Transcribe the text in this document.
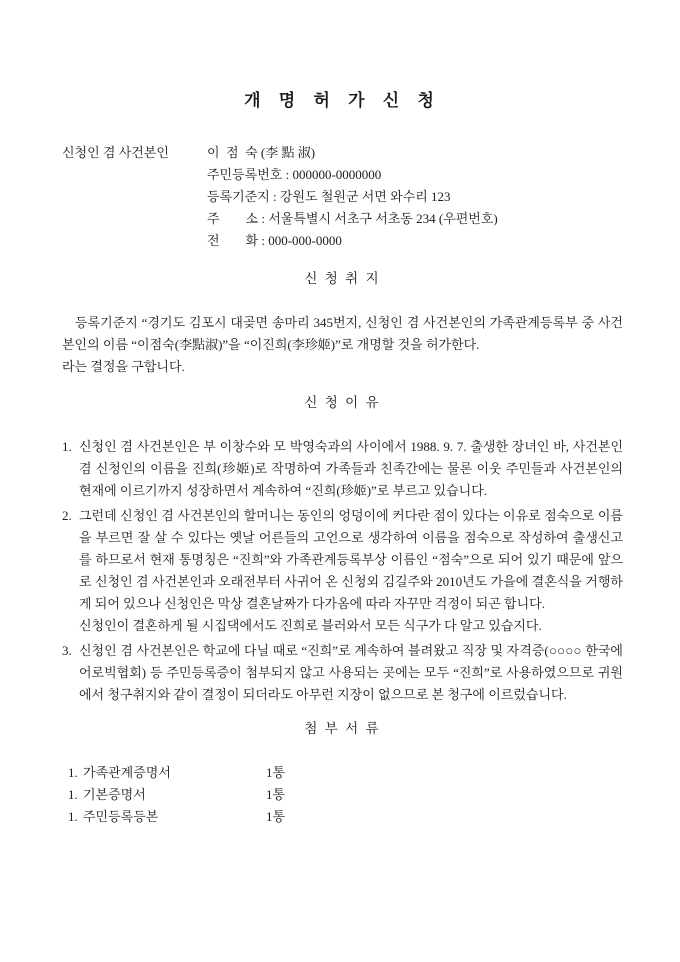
개 명 허 가 신 청
신청인 겸 사건본인	이  점  숙 (李 點 淑)
주민등록번호 : 000000-0000000
등록기준지 : 강원도 철원군 서면 와수리 123
주        소 : 서울특별시 서초구 서초동 234 (우편번호)
전        화 : 000-000-0000
신 청 취 지

등록기준지 “경기도 김포시 대곶면 송마리 345번지, 신청인 겸 사건본인의 가족관계등록부 중 사건본인의 이름 “이점숙(李點淑)”을 “이진희(李珍姬)”로 개명할 것을 허가한다.

라는 결정을 구합니다.

신 청 이 유
1. 신청인 겸 사건본인은 부 이창수와 모 박영숙과의 사이에서 1988. 9. 7. 출생한 장녀인 바, 사건본인겸 신청인의 이름을 진희(珍姬)로 작명하여 가족들과 친족간에는 물론 이웃 주민들과 사건본인의 현재에 이르기까지 성장하면서 계속하여 “진희(珍姬)”로 부르고 있습니다.
2. 그런데 신청인 겸 사건본인의 할머니는 동인의 엉덩이에 커다란 점이 있다는 이유로 점숙으로 이름을 부르면 잘 살 수 있다는 옛날 어른들의 고언으로 생각하여 이름을 점숙으로 작성하여 출생신고를 하므로서 현재 통명칭은 “진희”와 가족관계등록부상 이름인 “점숙”으로 되어 있기 때문에 앞으로 신청인 겸 사건본인과 오래전부터 사귀어 온 신청외 김길주와 2010년도 가을에 결혼식을 거행하게 되어 있으나 신청인은 막상 결혼날짜가 다가옴에 따라 자꾸만 걱정이 되곤 합니다.
신청인이 결혼하게 될 시집댁에서도 진희로 블러와서 모든 식구가 다 알고 있습지다.
3. 신청인 겸 사건본인은 학교에 다닐 때로 “진희”로 계속하여 블려왔고 직장 및 자격증(○○○○ 한국에어로빅협회) 등 주민등록증이 첨부되지 않고 사용되는 곳에는 모두 “진희”로 사용하였으므로 귀원에서 청구취지와 같이 결정이 되더라도 아무런 지장이 없으므로 본 청구에 이르렀습니다.
첨 부 서 류
1. 가족관계증명서	1통
1. 기본증명서	1통
1. 주민등록등본	1통
